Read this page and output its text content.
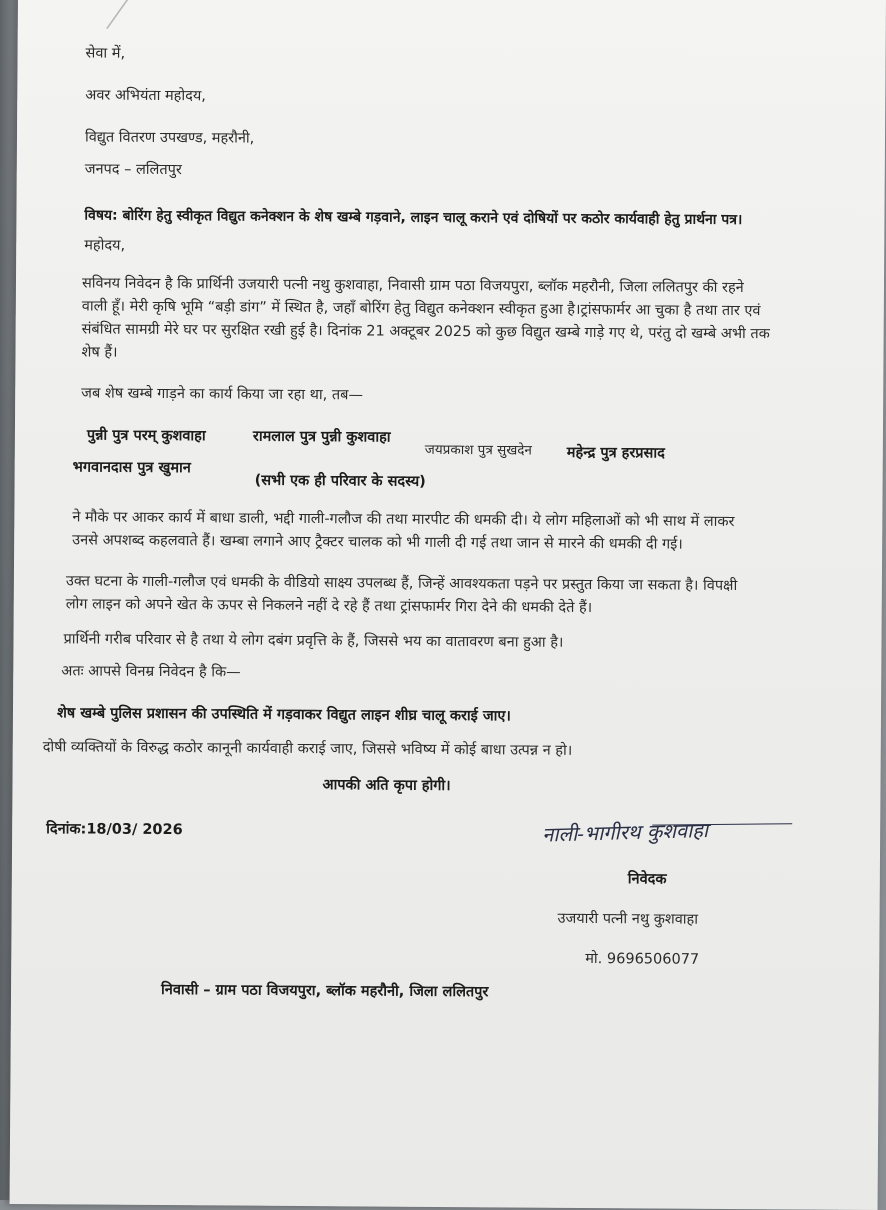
सेवा में,
अवर अभियंता महोदय,
विद्युत वितरण उपखण्ड, महरौनी,
जनपद – ललितपुर
विषय: बोरिंग हेतु स्वीकृत विद्युत कनेक्शन के शेष खम्बे गड़वाने, लाइन चालू कराने एवं दोषियों पर कठोर कार्यवाही हेतु प्रार्थना पत्र।
महोदय,
सविनय निवेदन है कि प्रार्थिनी उजयारी पत्नी नथु कुशवाहा, निवासी ग्राम पठा विजयपुरा, ब्लॉक महरौनी, जिला ललितपुर की रहने
वाली हूँ। मेरी कृषि भूमि “बड़ी डांग” में स्थित है, जहाँ बोरिंग हेतु विद्युत कनेक्शन स्वीकृत हुआ है।ट्रांसफार्मर आ चुका है तथा तार एवं
संबंधित सामग्री मेरे घर पर सुरक्षित रखी हुई है। दिनांक 21 अक्टूबर 2025 को कुछ विद्युत खम्बे गाड़े गए थे, परंतु दो खम्बे अभी तक
शेष हैं।
जब शेष खम्बे गाड़ने का कार्य किया जा रहा था, तब—
पुन्नी पुत्र परम् कुशवाहा	रामलाल पुत्र पुन्नी कुशवाहा
जयप्रकाश पुत्र सुखदेन महेन्द्र पुत्र हरप्रसाद
भगवानदास पुत्र खुमान
(सभी एक ही परिवार के सदस्य)
ने मौके पर आकर कार्य में बाधा डाली, भद्दी गाली-गलौज की तथा मारपीट की धमकी दी। ये लोग महिलाओं को भी साथ में लाकर
उनसे अपशब्द कहलवाते हैं। खम्बा लगाने आए ट्रैक्टर चालक को भी गाली दी गई तथा जान से मारने की धमकी दी गई।
उक्त घटना के गाली-गलौज एवं धमकी के वीडियो साक्ष्य उपलब्ध हैं, जिन्हें आवश्यकता पड़ने पर प्रस्तुत किया जा सकता है। विपक्षी
लोग लाइन को अपने खेत के ऊपर से निकलने नहीं दे रहे हैं तथा ट्रांसफार्मर गिरा देने की धमकी देते हैं।
प्रार्थिनी गरीब परिवार से है तथा ये लोग दबंग प्रवृत्ति के हैं, जिससे भय का वातावरण बना हुआ है।
अतः आपसे विनम्र निवेदन है कि—
शेष खम्बे पुलिस प्रशासन की उपस्थिति में गड़वाकर विद्युत लाइन शीघ्र चालू कराई जाए।
दोषी व्यक्तियों के विरुद्ध कठोर कानूनी कार्यवाही कराई जाए, जिससे भविष्य में कोई बाधा उत्पन्न न हो।
आपकी अति कृपा होगी।
दिनांक:18/03/ 2026	नाली-भागीरथ कुशवाहा
निवेदक
उजयारी पत्नी नथु कुशवाहा
मो. 9696506077
निवासी – ग्राम पठा विजयपुरा, ब्लॉक महरौनी, जिला ललितपुर
